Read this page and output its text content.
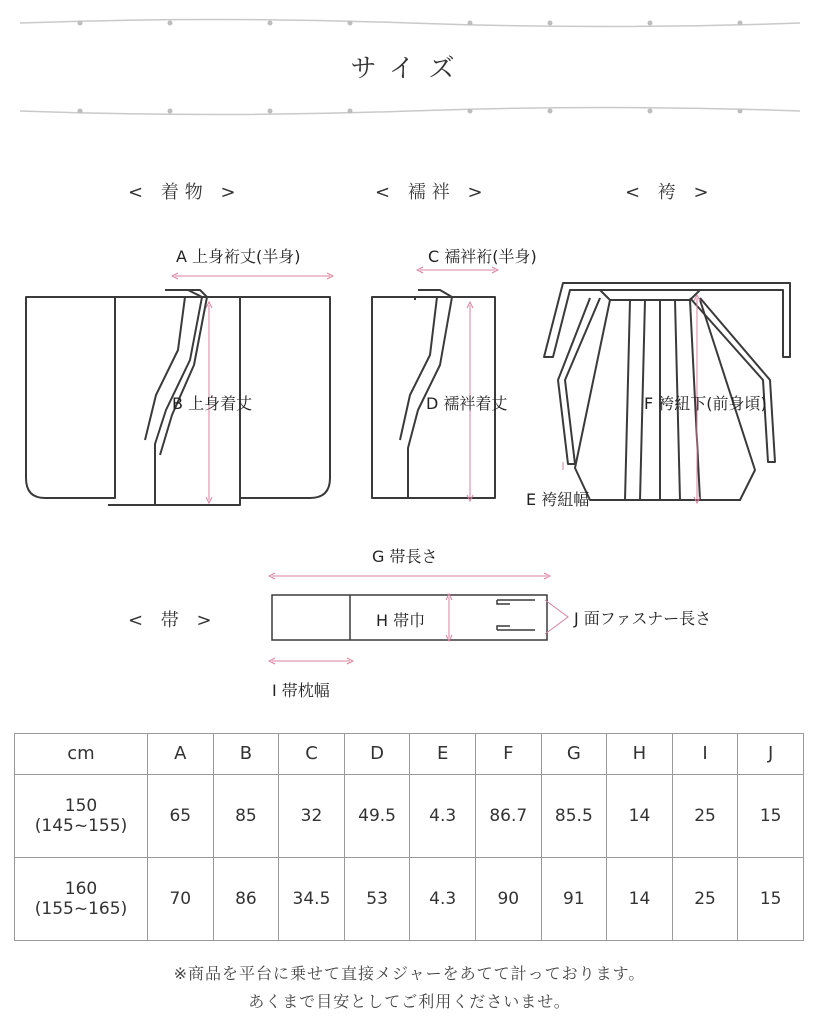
サイズ
< 着物 >	< 襦袢 >	< 袴 >
< 帯 >
A 上身裄丈(半身)
B 上身着丈
C 襦袢裄(半身)
D 襦袢着丈
E 袴紐幅
F 袴紐下(前身頃)
G 帯長さ
H 帯巾
I 帯枕幅
J 面ファスナー長さ
cm	A	B	C	D	E	F	G	H	I	J

150
(145~155)	65	85	32	49.5	4.3	86.7	85.5	14	25	15

160
(155~165)	70	86	34.5	53	4.3	90	91	14	25	15
※商品を平台に乗せて直接メジャーをあてて計っております。
あくまで目安としてご利用くださいませ。
